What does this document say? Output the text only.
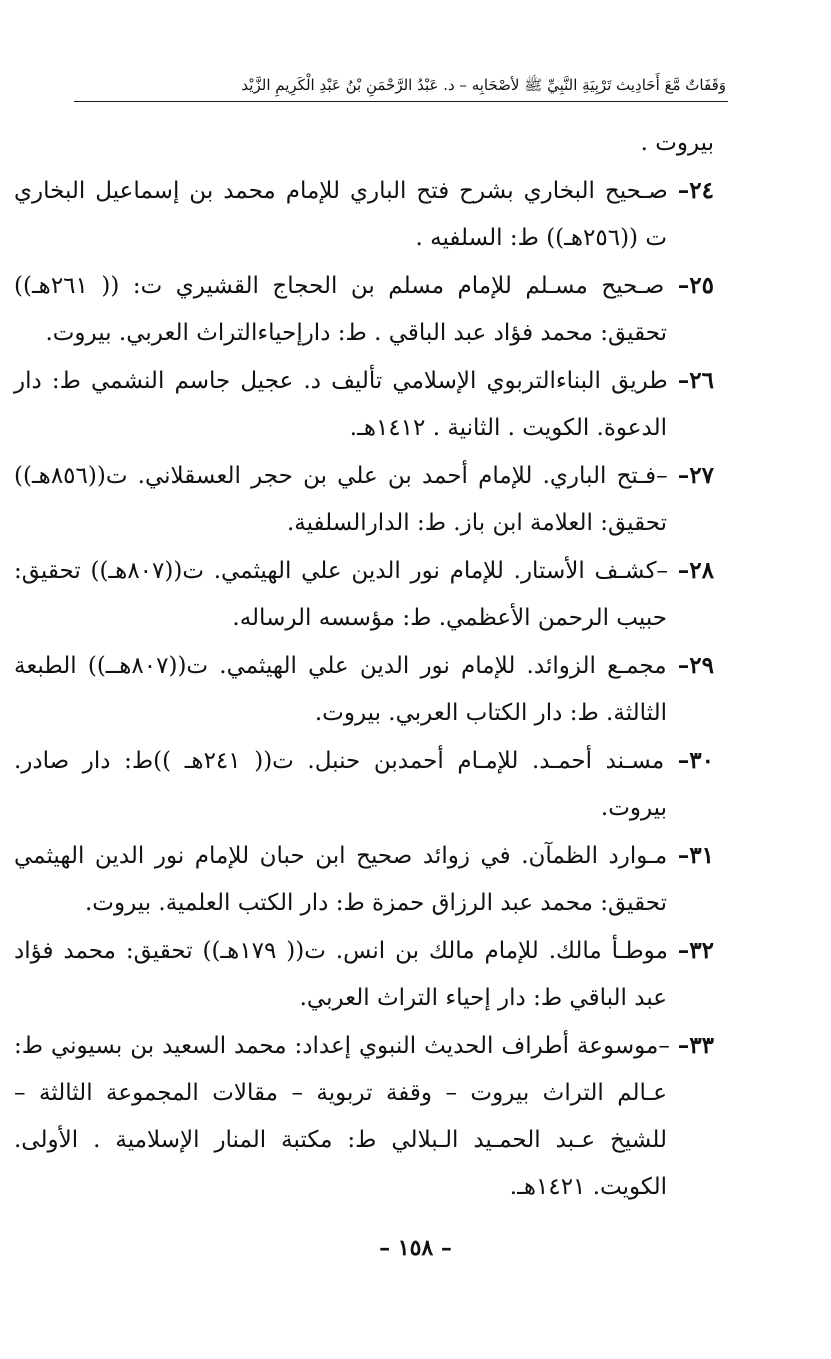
وَقَفَاتٌ مَّعَ أَحَادِيث تَرْبِيَةِ النَّبِيِّ ﷺ لأصْحَابِه – د. عَبْدُ الرَّحْمَنِ بْنُ عَبْدِ الْكَرِيمِ الزَّيْد

بيروت .

٢٤– صـحيح البخاري بشرح فتح الباري للإمام محمد بن إسماعيل البخاري ت ((٢٥٦هـ)) ط: السلفيه .

٢٥– صـحيح مسـلم للإمام مسلم بن الحجاج القشيري ت: (( ٢٦١هـ)) تحقيق: محمد فؤاد عبد الباقي . ط: دارإحياءالتراث العربي. بيروت.

٢٦– طريق البناءالتربوي الإسلامي تأليف د. عجيل جاسم النشمي ط: دار الدعوة. الكويت . الثانية . ١٤١٢هـ.

٢٧– –فـتح الباري. للإمام أحمد بن علي بن حجر العسقلاني. ت((٨٥٦هـ)) تحقيق: العلامة ابن باز. ط: الدارالسلفية.

٢٨– –كشـف الأستار. للإمام نور الدين علي الهيثمي. ت((٨٠٧هـ)) تحقيق: حبيب الرحمن الأعظمي. ط: مؤسسه الرساله.

٢٩– مجمـع الزوائد. للإمام نور الدين علي الهيثمي. ت((٨٠٧هــ)) الطبعة الثالثة. ط: دار الكتاب العربي. بيروت.

٣٠– مسـند أحمـد. للإمـام أحمدبن حنبل. ت(( ٢٤١هـ ))ط: دار صادر. بيروت.

٣١– مـوارد الظمآن. في زوائد صحيح ابن حبان للإمام نور الدين الهيثمي تحقيق: محمد عبد الرزاق حمزة ط: دار الكتب العلمية. بيروت.

٣٢– موطـأ مالك. للإمام مالك بن انس. ت(( ١٧٩هـ)) تحقيق: محمد فؤاد عبد الباقي ط: دار إحياء التراث العربي.

٣٣– –موسوعة أطراف الحديث النبوي إعداد: محمد السعيد بن بسيوني ط: عـالم التراث بيروت – وقفة تربوية – مقالات المجموعة الثالثة – للشيخ عـبد الحمـيد الـبلالي ط: مكتبة المنار الإسلامية . الأولى. الكويت. ١٤٢١هـ.

– ١٥٨ –
